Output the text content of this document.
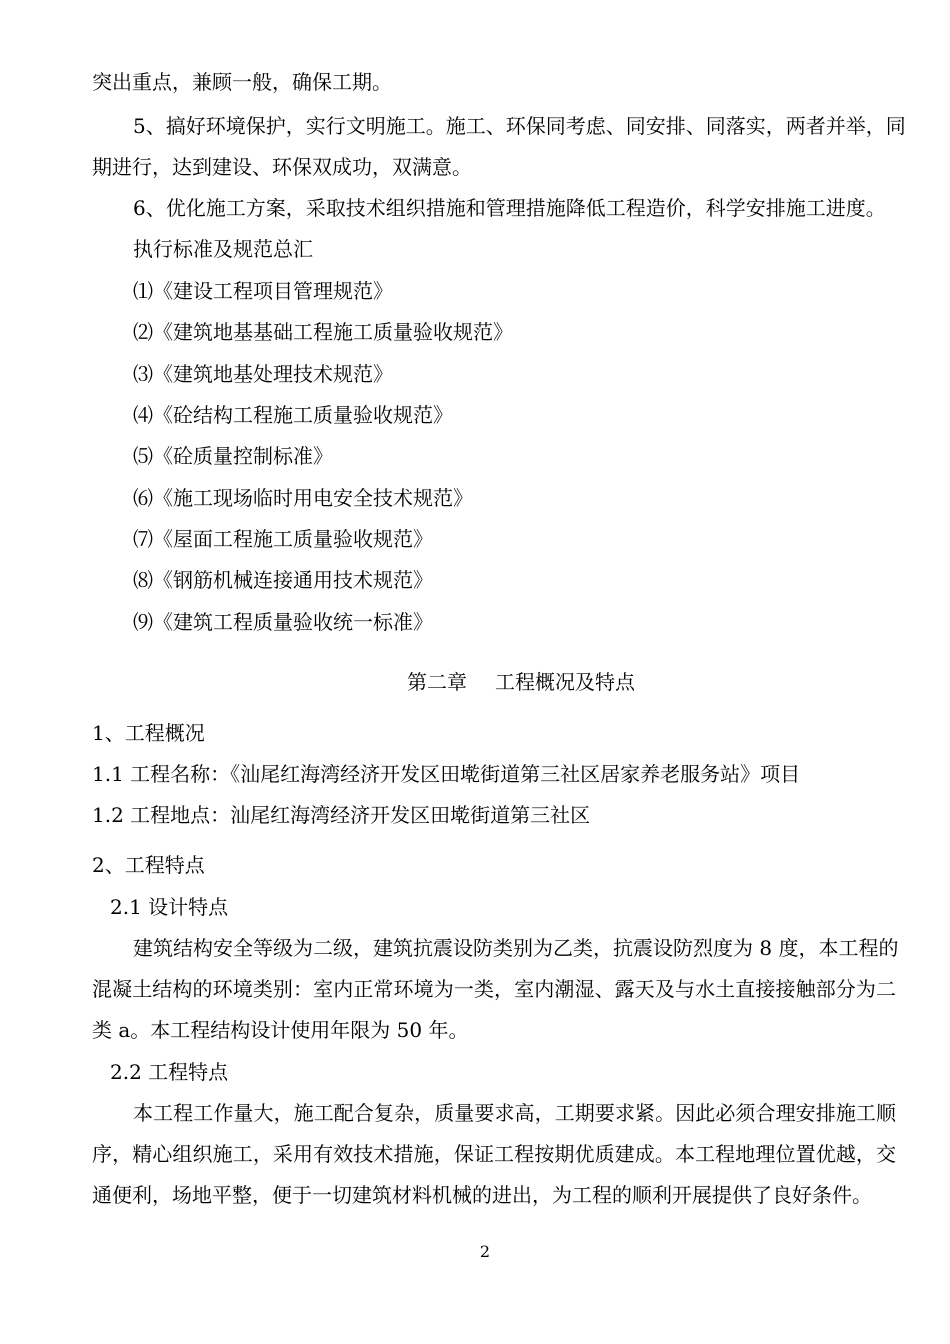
突出重点，兼顾一般，确保工期。
5、搞好环境保护，实行文明施工。施工、环保同考虑、同安排、同落实，两者并举，同
期进行，达到建设、环保双成功，双满意。
6、优化施工方案，采取技术组织措施和管理措施降低工程造价，科学安排施工进度。
执行标准及规范总汇
⑴《建设工程项目管理规范》
⑵《建筑地基基础工程施工质量验收规范》
⑶《建筑地基处理技术规范》
⑷《砼结构工程施工质量验收规范》
⑸《砼质量控制标准》
⑹《施工现场临时用电安全技术规范》
⑺《屋面工程施工质量验收规范》
⑻《钢筋机械连接通用技术规范》
⑼《建筑工程质量验收统一标准》
第二章 工程概况及特点
1、工程概况
1.1 工程名称：《汕尾红海湾经济开发区田墘街道第三社区居家养老服务站》项目
1.2 工程地点：汕尾红海湾经济开发区田墘街道第三社区
2、工程特点
2.1 设计特点
建筑结构安全等级为二级，建筑抗震设防类别为乙类，抗震设防烈度为 8 度，本工程的
混凝土结构的环境类别：室内正常环境为一类，室内潮湿、露天及与水土直接接触部分为二
类 a。本工程结构设计使用年限为 50 年。
2.2 工程特点
本工程工作量大，施工配合复杂，质量要求高，工期要求紧。因此必须合理安排施工顺
序，精心组织施工，采用有效技术措施，保证工程按期优质建成。本工程地理位置优越，交
通便利，场地平整，便于一切建筑材料机械的进出，为工程的顺利开展提供了良好条件。
2
